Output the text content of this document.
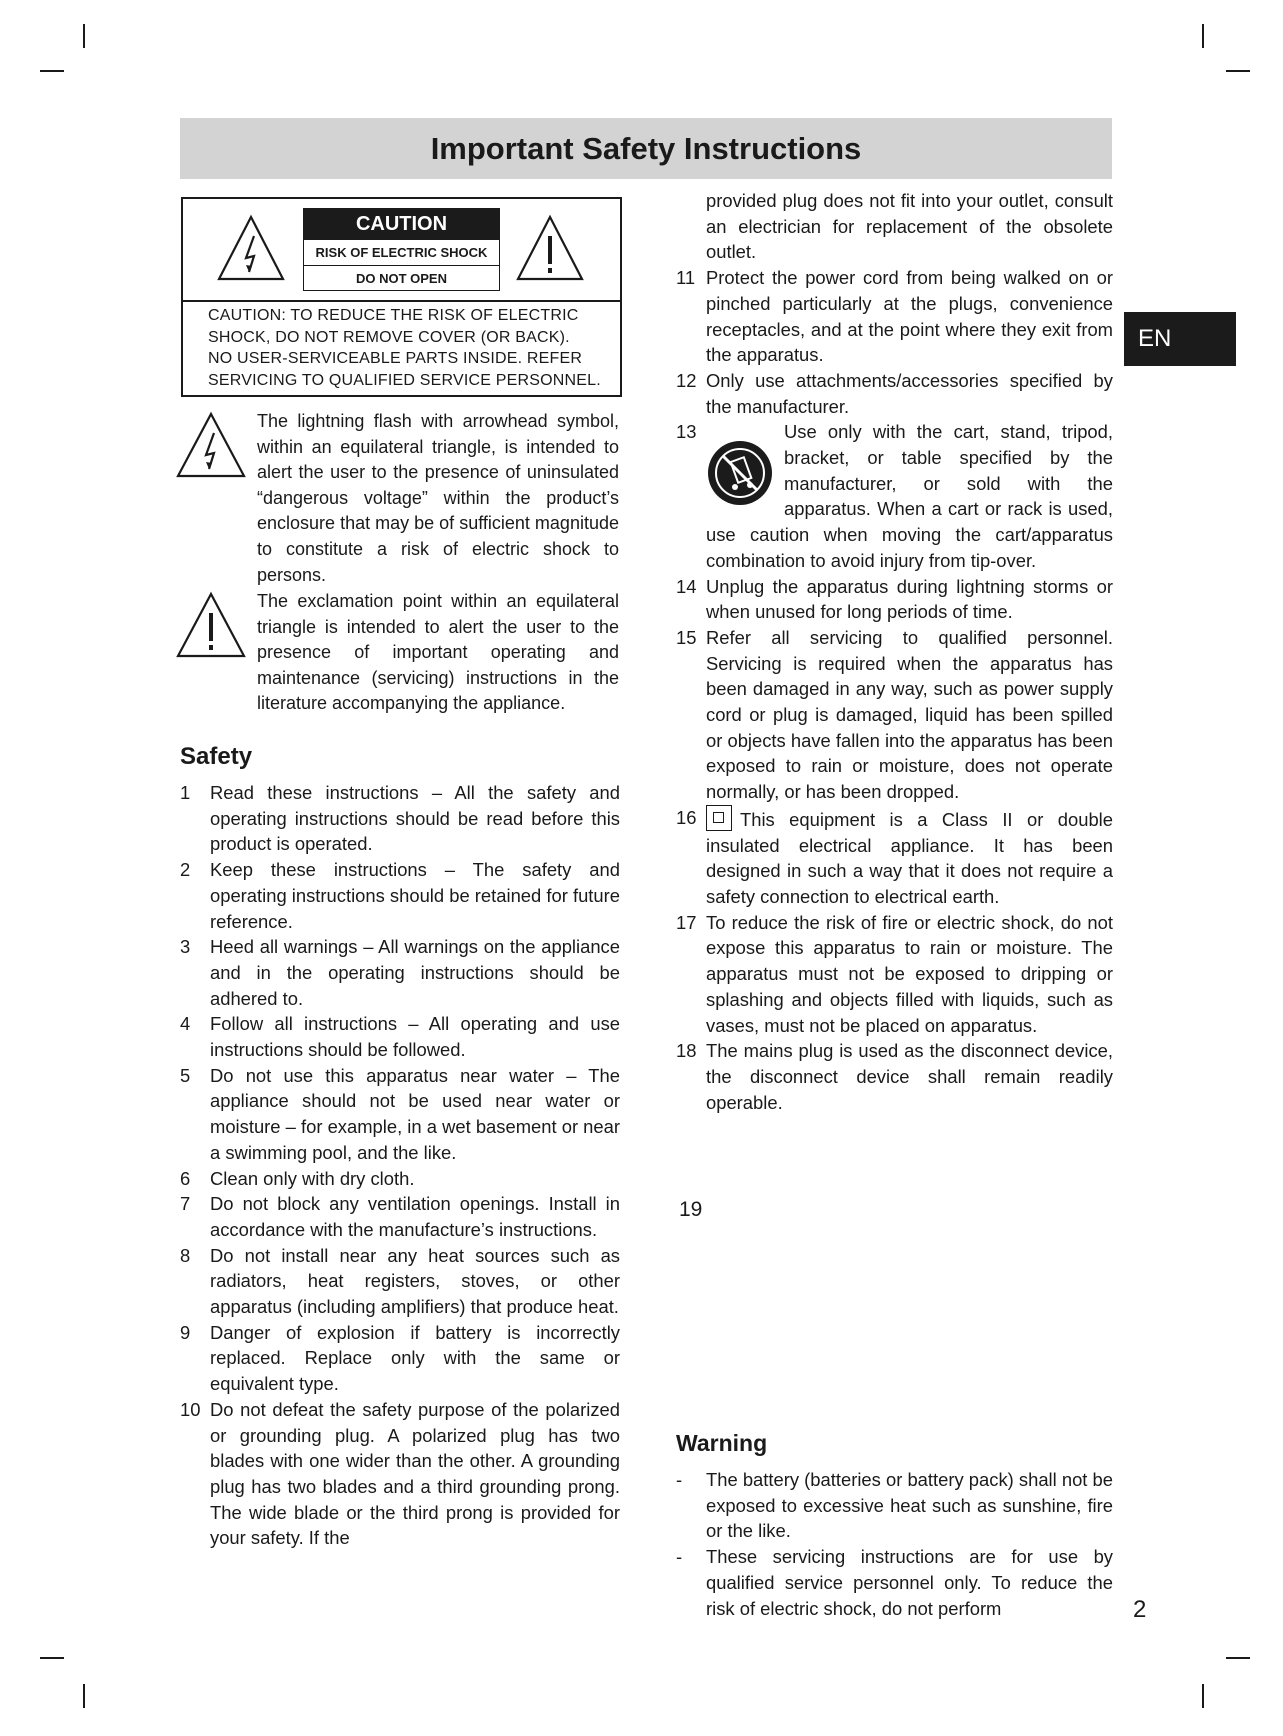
Important Safety Instructions
EN
CAUTION
RISK OF ELECTRIC SHOCK
DO NOT OPEN
CAUTION: TO REDUCE THE RISK OF ELECTRIC
SHOCK, DO NOT REMOVE COVER (OR BACK).
NO USER-SERVICEABLE PARTS INSIDE. REFER
SERVICING TO QUALIFIED SERVICE PERSONNEL.
The lightning flash with arrowhead symbol, within an equilateral triangle, is intended to alert the user to the presence of uninsulated “dangerous voltage” within the product’s enclosure that may be of sufficient magnitude to constitute a risk of electric shock to persons.
The exclamation point within an equilateral triangle is intended to alert the user to the presence of important operating and maintenance (servicing) instructions in the literature accompanying the appliance.
Safety
1	Read these instructions – All the safety and operating instructions should be read before this product is operated.
2	Keep these instructions – The safety and operating instructions should be retained for future reference.
3	Heed all warnings – All warnings on the appliance and in the operating instructions should be adhered to.
4	Follow all instructions – All operating and use instructions should be followed.
5	Do not use this apparatus near water – The appliance should not be used near water or moisture – for example, in a wet basement or near a swimming pool, and the like.
6	Clean only with dry cloth.
7	Do not block any ventilation openings. Install in accordance with the manufacture’s instructions.
8	Do not install near any heat sources such as radiators, heat registers, stoves, or other apparatus (including amplifiers) that produce heat.
9	Danger of explosion if battery is incorrectly replaced. Replace only with the same or equivalent type.
10 Do not defeat the safety purpose of the polarized or grounding plug. A polarized plug has two blades with one wider than the other. A grounding plug has two blades and a third grounding prong. The wide blade or the third prong is provided for your safety. If the
provided plug does not fit into your outlet, consult an electrician for replacement of the obsolete outlet.
11 Protect the power cord from being walked on or pinched particularly at the plugs, convenience receptacles, and at the point where they exit from the apparatus.
12 Only use attachments/accessories specified by the manufacturer.
13	Use only with the cart, stand, tripod, bracket, or table specified by the manufacturer, or sold with the apparatus. When a cart or rack is used, use caution when moving the cart/apparatus combination to avoid injury from tip-over.
14 Unplug the apparatus during lightning storms or when unused for long periods of time.
15 Refer all servicing to qualified personnel. Servicing is required when the apparatus has been damaged in any way, such as power supply cord or plug is damaged, liquid has been spilled or objects have fallen into the apparatus has been exposed to rain or moisture, does not operate normally, or has been dropped.
16	This equipment is a Class II or double insulated electrical appliance. It has been designed in such a way that it does not require a safety connection to electrical earth.
17 To reduce the risk of fire or electric shock, do not expose this apparatus to rain or moisture. The apparatus must not be exposed to dripping or splashing and objects filled with liquids, such as vases, must not be placed on apparatus.
18 The mains plug is used as the disconnect device, the disconnect device shall remain readily operable.
19
Warning
-	The battery (batteries or battery pack) shall not be exposed to excessive heat such as sunshine, fire or the like.
-	These servicing instructions are for use by qualified service personnel only. To reduce the risk of electric shock, do not perform	2
